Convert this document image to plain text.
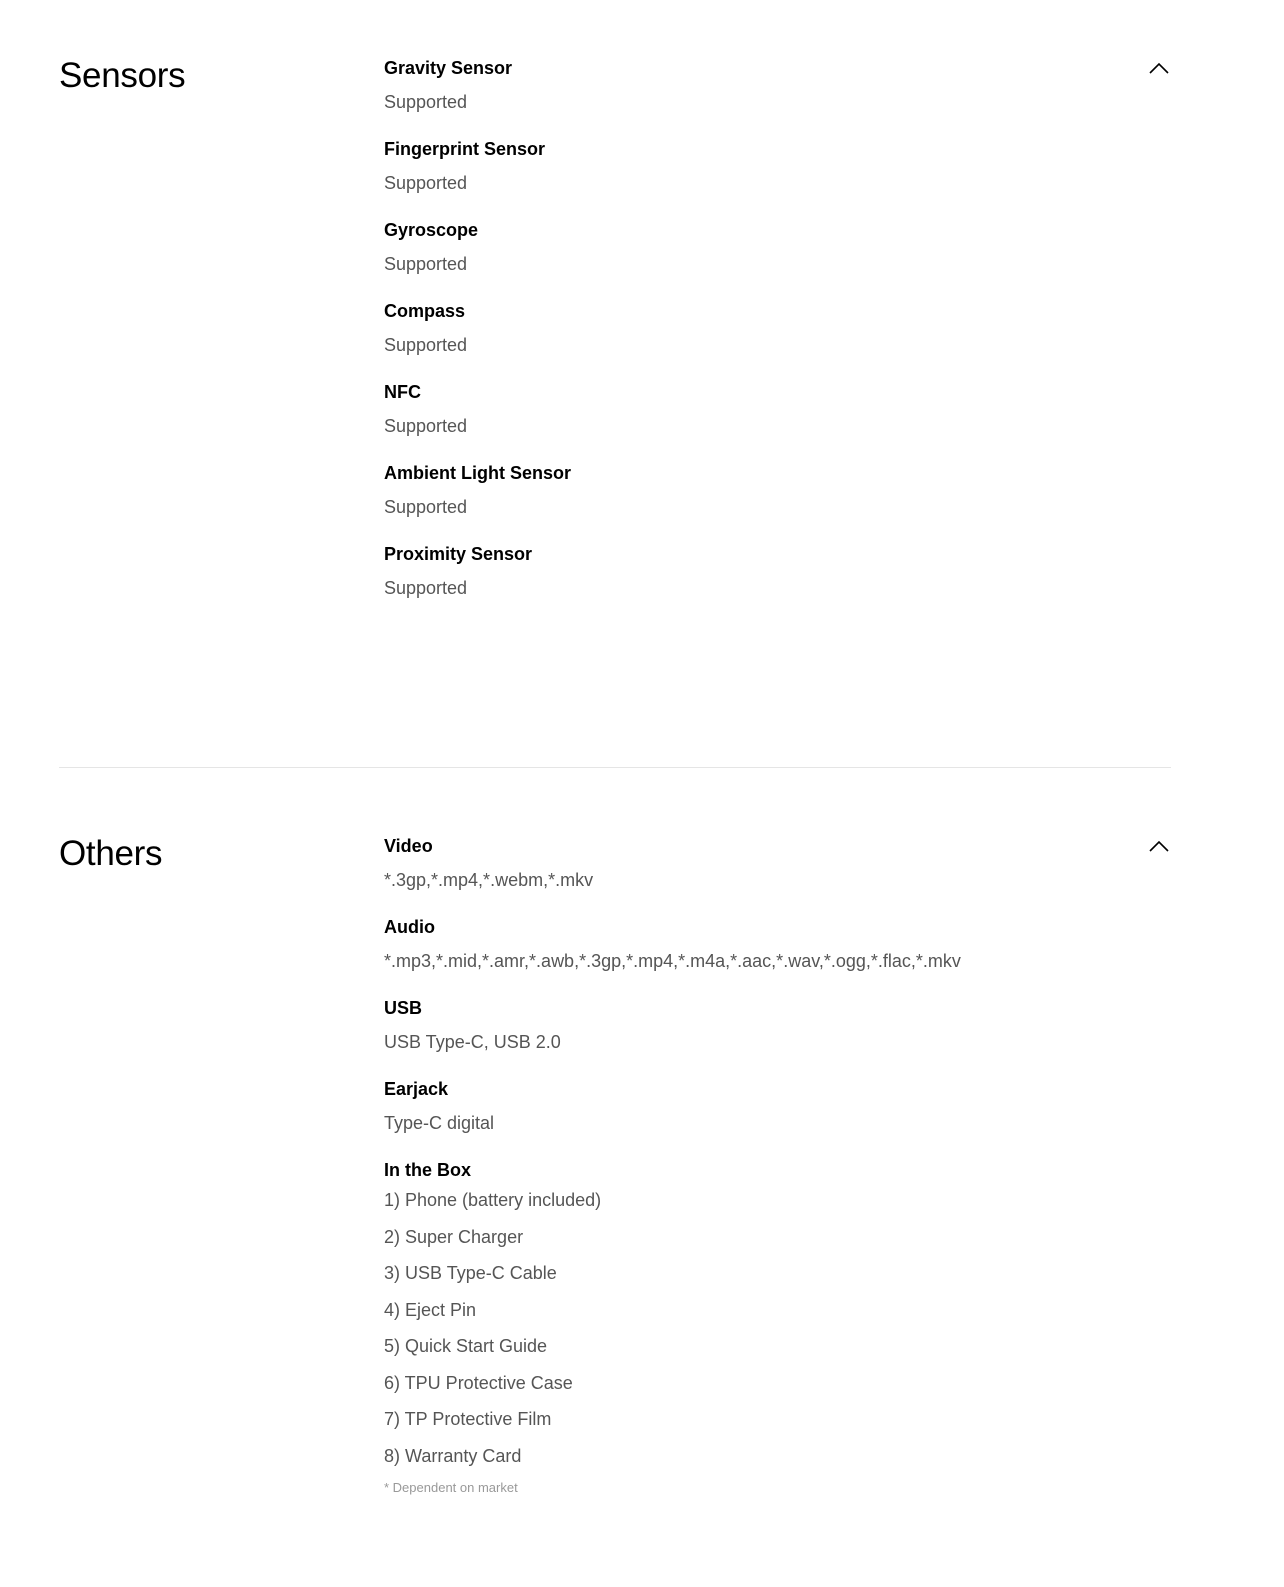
Sensors	Gravity Sensor
Supported
Fingerprint Sensor
Supported
Gyroscope
Supported
Compass
Supported
NFC
Supported
Ambient Light Sensor
Supported
Proximity Sensor
Supported
Others	Video
*.3gp,*.mp4,*.webm,*.mkv
Audio
*.mp3,*.mid,*.amr,*.awb,*.3gp,*.mp4,*.m4a,*.aac,*.wav,*.ogg,*.flac,*.mkv
USB
USB Type-C, USB 2.0
Earjack
Type-C digital
In the Box
1) Phone (battery included)
2) Super Charger
3) USB Type-C Cable
4) Eject Pin
5) Quick Start Guide
6) TPU Protective Case
7) TP Protective Film
8) Warranty Card
* Dependent on market
